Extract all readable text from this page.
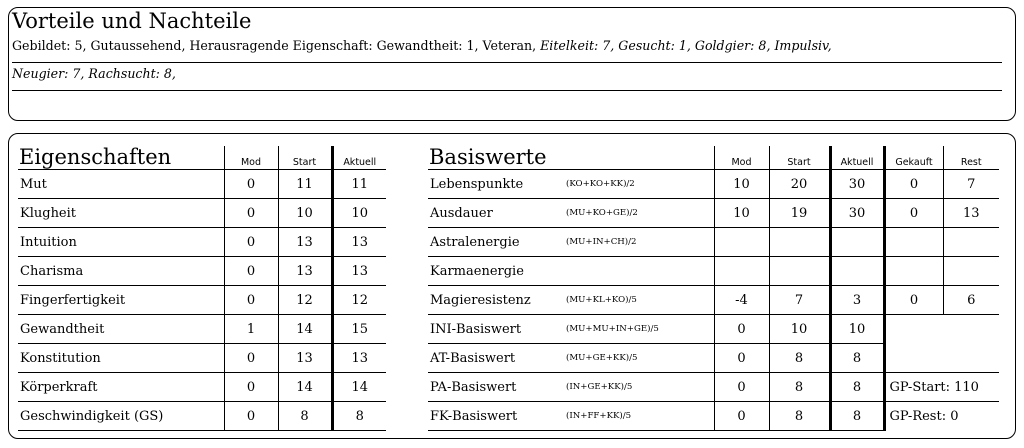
Vorteile und Nachteile
Gebildet: 5, Gutaussehend, Herausragende Eigenschaft: Gewandtheit: 1, Veteran, Eitelkeit: 7, Gesucht: 1, Goldgier: 8, Impulsiv,
Neugier: 7, Rachsucht: 8,
Eigenschaften	Mod	Start	Aktuell
Mut	0	11	11
Klugheit	0	10	10
Intuition	0	13	13
Charisma	0	13	13
Fingerfertigkeit	0	12	12
Gewandtheit	1	14	15
Konstitution	0	13	13
Körperkraft	0	14	14
Geschwindigkeit (GS)	0	8	8
Basiswerte		Mod	Start	Aktuell	Gekauft	Rest
Lebenspunkte	(KO+KO+KK)/2	10	20	30	0	7
Ausdauer	(MU+KO+GE)/2	10	19	30	0	13
Astralenergie	(MU+IN+CH)/2					
Karmaenergie						
Magieresistenz	(MU+KL+KO)/5	-4	7	3	0	6
INI-Basiswert	(MU+MU+IN+GE)/5	0	10	10		
AT-Basiswert	(MU+GE+KK)/5	0	8	8		
PA-Basiswert	(IN+GE+KK)/5	0	8	8	GP-Start: 110	
FK-Basiswert	(IN+FF+KK)/5	0	8	8	GP-Rest: 0	
